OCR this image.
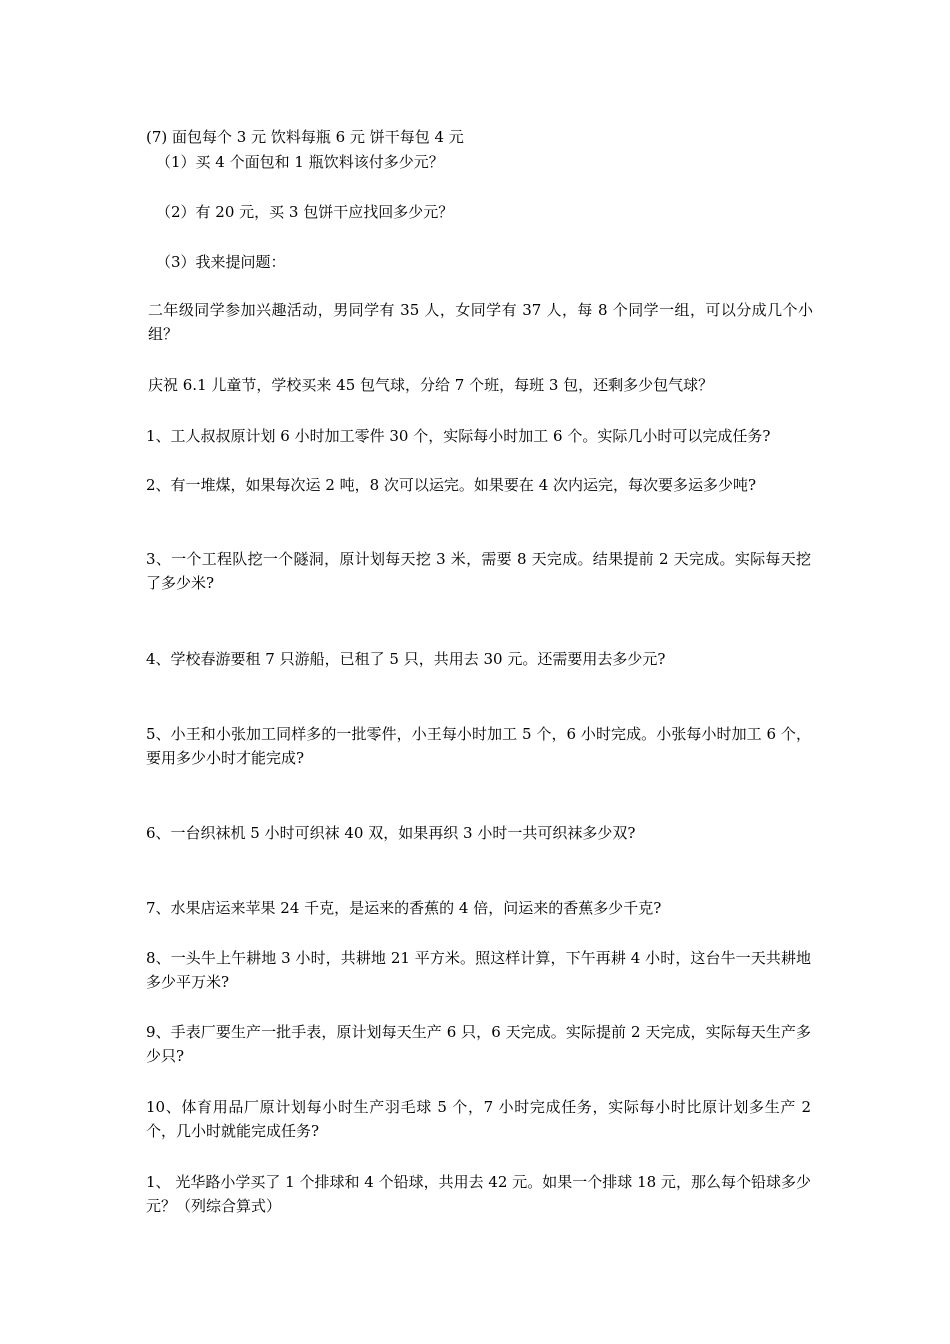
(7) 面包每个 3 元 饮料每瓶 6 元 饼干每包 4 元
（1）买 4 个面包和 1 瓶饮料该付多少元？
（2）有 20 元，买 3 包饼干应找回多少元？
（3）我来提问题：
二年级同学参加兴趣活动，男同学有 35 人，女同学有 37 人，每 8 个同学一组，可以分成几个小组？
庆祝 6.1 儿童节，学校买来 45 包气球，分给 7 个班，每班 3 包，还剩多少包气球？
1、工人叔叔原计划 6 小时加工零件 30 个，实际每小时加工 6 个。实际几小时可以完成任务?
2、有一堆煤，如果每次运 2 吨，8 次可以运完。如果要在 4 次内运完，每次要多运多少吨?
3、一个工程队挖一个隧洞，原计划每天挖 3 米，需要 8 天完成。结果提前 2 天完成。实际每天挖了多少米?
4、学校春游要租 7 只游船，已租了 5 只，共用去 30 元。还需要用去多少元?
5、小王和小张加工同样多的一批零件，小王每小时加工 5 个，6 小时完成。小张每小时加工 6 个，要用多少小时才能完成?
6、一台织袜机 5 小时可织袜 40 双，如果再织 3 小时一共可织袜多少双?
7、水果店运来苹果 24 千克，是运来的香蕉的 4 倍，问运来的香蕉多少千克?
8、一头牛上午耕地 3 小时，共耕地 21 平方米。照这样计算，下午再耕 4 小时，这台牛一天共耕地多少平万米?
9、手表厂要生产一批手表，原计划每天生产 6 只，6 天完成。实际提前 2 天完成，实际每天生产多少只?
10、体育用品厂原计划每小时生产羽毛球 5 个，7 小时完成任务，实际每小时比原计划多生产 2 个，几小时就能完成任务?
1、 光华路小学买了 1 个排球和 4 个铅球，共用去 42 元。如果一个排球 18 元，那么每个铅球多少元？（列综合算式）
